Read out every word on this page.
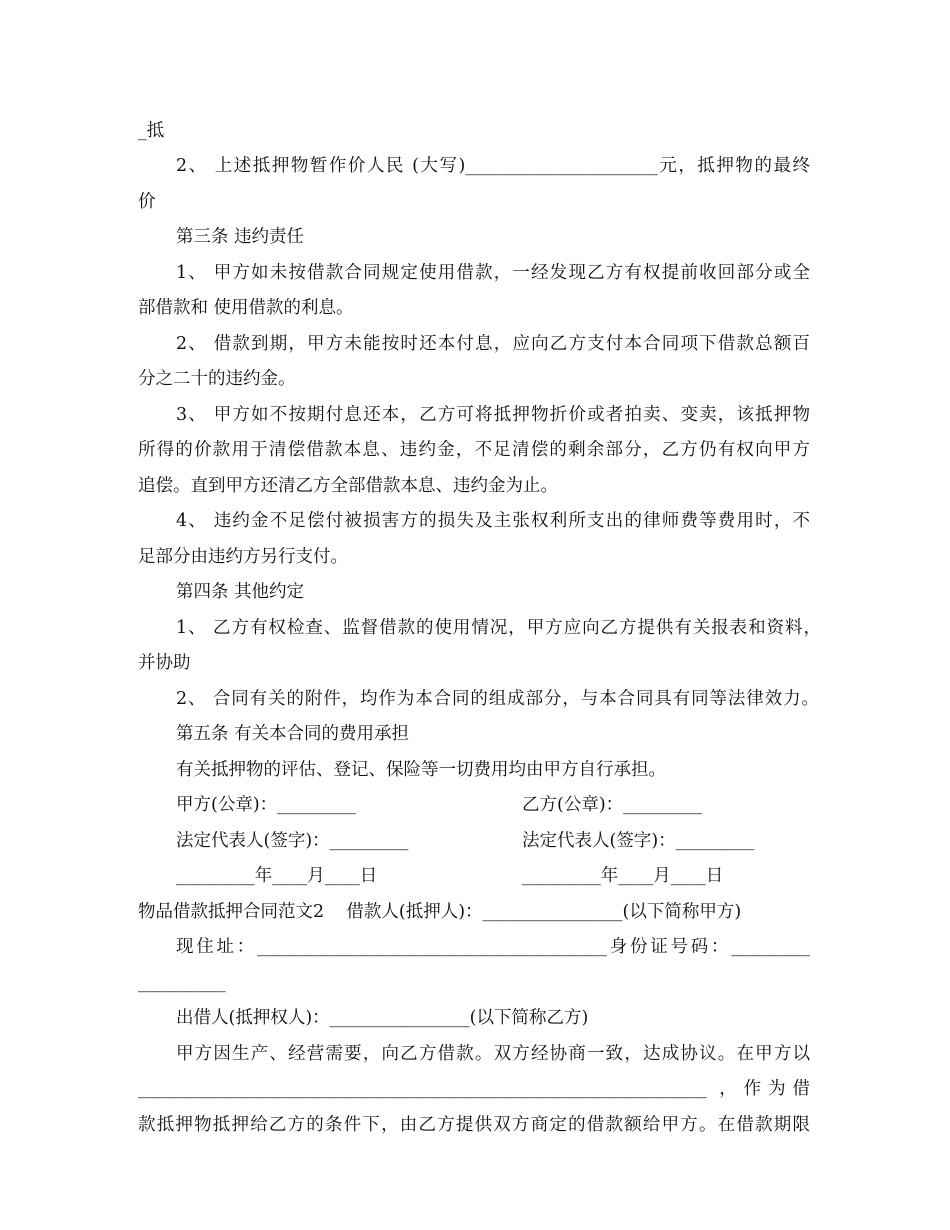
_抵
2、 上述抵押物暂作价人民 (大写)______________________元，抵押物的最终
价
第三条 违约责任
1、 甲方如未按借款合同规定使用借款，一经发现乙方有权提前收回部分或全
部借款和 使用借款的利息。
2、 借款到期，甲方未能按时还本付息，应向乙方支付本合同项下借款总额百
分之二十的违约金。
3、 甲方如不按期付息还本，乙方可将抵押物折价或者拍卖、变卖，该抵押物
所得的价款用于清偿借款本息、违约金，不足清偿的剩余部分，乙方仍有权向甲方
追偿。直到甲方还清乙方全部借款本息、违约金为止。
4、 违约金不足偿付被损害方的损失及主张权利所支出的律师费等费用时，不
足部分由违约方另行支付。
第四条 其他约定
1、 乙方有权检查、监督借款的使用情况，甲方应向乙方提供有关报表和资料，
并协助
2、 合同有关的附件，均作为本合同的组成部分，与本合同具有同等法律效力。
第五条 有关本合同的费用承担
有关抵押物的评估、登记、保险等一切费用均由甲方自行承担。
甲方(公章)：_________	乙方(公章)：_________
法定代表人(签字)：_________	法定代表人(签字)：_________
_________年____月____日	_________年____月____日
物品借款抵押合同范文2    借款人(抵押人)：________________(以下简称甲方)
现住址：________________________________________身份证号码：_________
__________
出借人(抵押权人)：________________(以下简称乙方)
甲方因生产、经营需要，向乙方借款。双方经协商一致，达成协议。在甲方以
_________________________________________________________________ ，作为借
款抵押物抵押给乙方的条件下，由乙方提供双方商定的借款额给甲方。在借款期限
